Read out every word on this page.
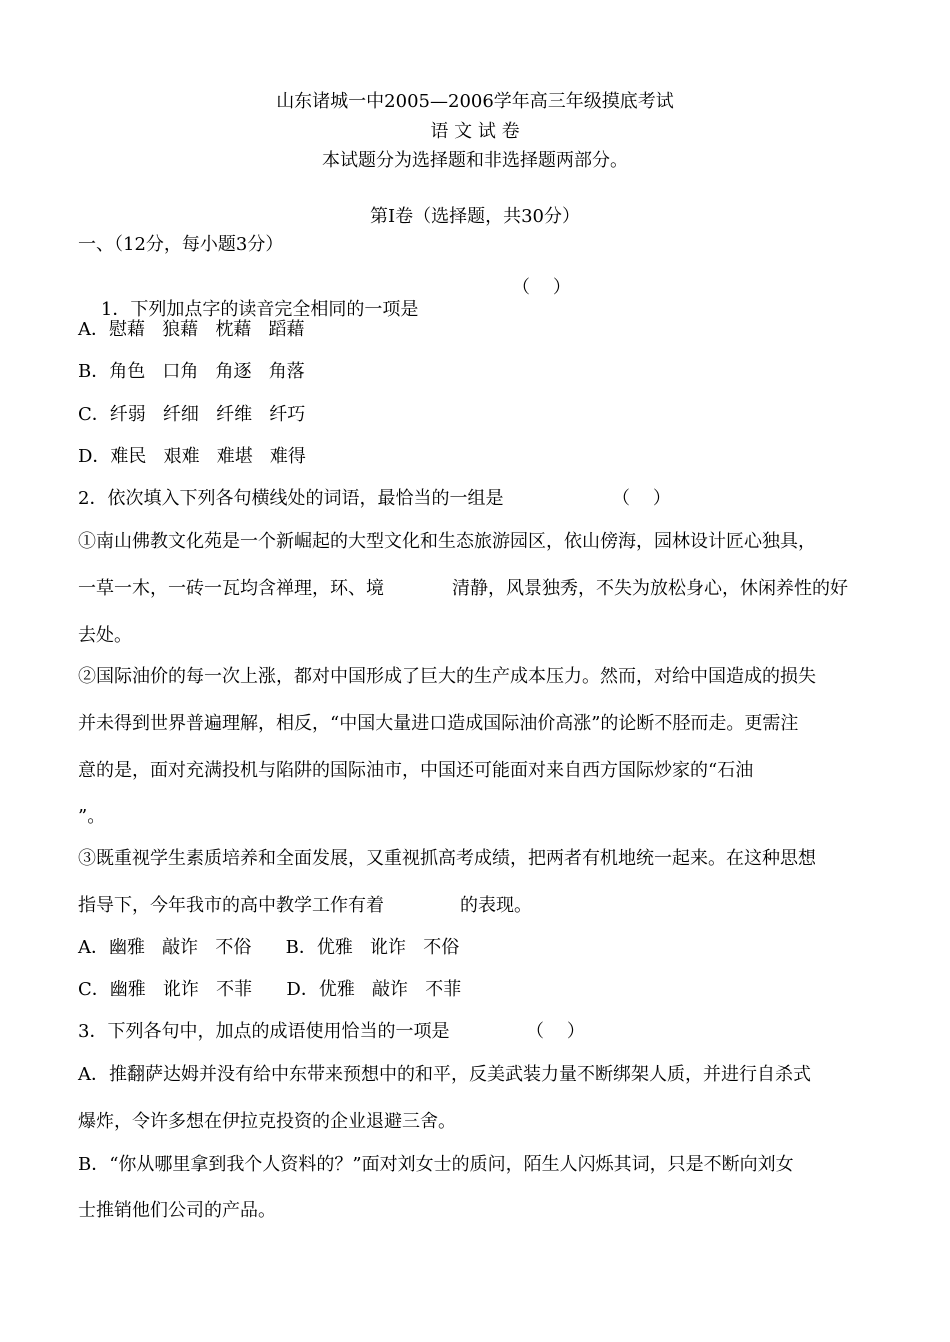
山东诸城一中2005—2006学年高三年级摸底考试
语 文 试 卷
本试题分为选择题和非选择题两部分。
第Ⅰ卷（选择题，共30分）
一、（12分，每小题3分）

1．下列加点字的读音完全相同的一项是

（    ）
A．慰藉   狼藉   枕藉   蹈藉
B．角色   口角   角逐   角落
C．纤弱   纤细   纤维   纤巧
D．难民   艰难   难堪   难得
2．依次填入下列各句横线处的词语，最恰当的一组是	（    ）
①南山佛教文化苑是一个新崛起的大型文化和生态旅游园区，依山傍海，园林设计匠心独具，
一草一木，一砖一瓦均含禅理，环、境	清静，风景独秀，不失为放松身心，休闲养性的好
去处。
②国际油价的每一次上涨，都对中国形成了巨大的生产成本压力。然而，对给中国造成的损失
并未得到世界普遍理解，相反，“中国大量进口造成国际油价高涨”的论断不胫而走。更需注
意的是，面对充满投机与陷阱的国际油市，中国还可能面对来自西方国际炒家的“石油
”。
③既重视学生素质培养和全面发展，又重视抓高考成绩，把两者有机地统一起来。在这种思想
指导下，今年我市的高中教学工作有着	的表现。
A．幽雅   敲诈   不俗      B．优雅   讹诈   不俗
C．幽雅   讹诈   不菲      D．优雅   敲诈   不菲
3．下列各句中，加点的成语使用恰当的一项是	（    ）
A．推翻萨达姆并没有给中东带来预想中的和平，反美武装力量不断绑架人质，并进行自杀式
爆炸，令许多想在伊拉克投资的企业退避三舍。
B．“你从哪里拿到我个人资料的？”面对刘女士的质问，陌生人闪烁其词，只是不断向刘女
士推销他们公司的产品。
